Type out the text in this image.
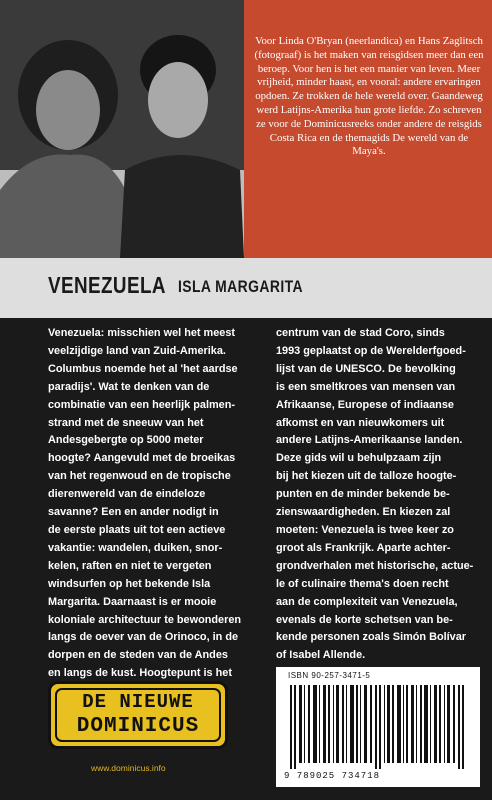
Voor Linda O'Bryan (neerlandica) en Hans Zaglitsch (fotograaf) is het maken van reisgidsen meer dan een beroep. Voor hen is het een manier van leven. Meer vrijheid, minder haast, en vooral: andere ervaringen opdoen. Ze trokken de hele wereld over. Gaandeweg werd Latijns-Amerika hun grote liefde. Zo schreven ze voor de Dominicusreeks onder andere de reisgids Costa Rica en de themagids De wereld van de Maya's.

VENEZUELA ISLA MARGARITA
Venezuela: misschien wel het meest
veelzijdige land van Zuid-Amerika.
Columbus noemde het al 'het aardse
paradijs'. Wat te denken van de
combinatie van een heerlijk palmen-
strand met de sneeuw van het
Andesgebergte op 5000 meter
hoogte? Aangevuld met de broeikas
van het regenwoud en de tropische
dierenwereld van de eindeloze
savanne? Een en ander nodigt in
de eerste plaats uit tot een actieve
vakantie: wandelen, duiken, snor-
kelen, raften en niet te vergeten
windsurfen op het bekende Isla
Margarita. Daarnaast is er mooie
koloniale architectuur te bewonderen
langs de oever van de Orinoco, in de
dorpen en de steden van de Andes
en langs de kust. Hoogtepunt is het
centrum van de stad Coro, sinds
1993 geplaatst op de Werelderfgoed-
lijst van de UNESCO. De bevolking
is een smeltkroes van mensen van
Afrikaanse, Europese of indiaanse
afkomst en van nieuwkomers uit
andere Latijns-Amerikaanse landen.
Deze gids wil u behulpzaam zijn
bij het kiezen uit de talloze hoogte-
punten en de minder bekende be-
zienswaardigheden. En kiezen zal
moeten: Venezuela is twee keer zo
groot als Frankrijk. Aparte achter-
grondverhalen met historische, actue-
le of culinaire thema's doen recht
aan de complexiteit van Venezuela,
evenals de korte schetsen van be-
kende personen zoals Simón Bolívar
of Isabel Allende.
ISBN 90-257-3471-5
9 789025 734718
DE NIEUWE
DOMINICUS
www.dominicus.info
